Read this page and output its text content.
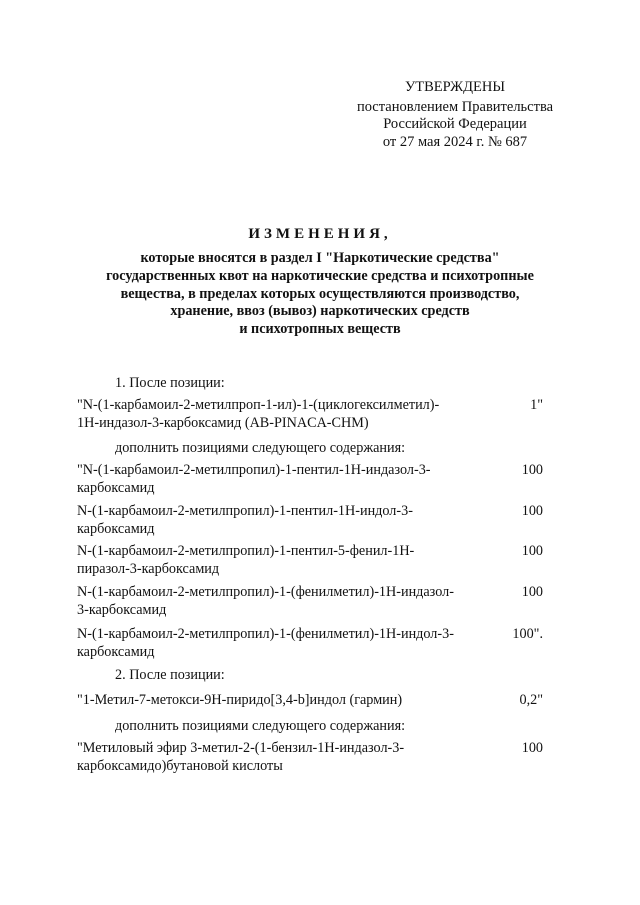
УТВЕРЖДЕНЫ
постановлением Правительства
Российской Федерации
от 27 мая 2024 г. № 687
ИЗМЕНЕНИЯ,
которые вносятся в раздел I "Наркотические средства"
государственных квот на наркотические средства и психотропные
вещества, в пределах которых осуществляются производство,
хранение, ввоз (вывоз) наркотических средств
и психотропных веществ
1. После позиции:
"N-(1-карбамоил-2-метилпроп-1-ил)-1-(циклогексилметил)-
1Н-индазол-3-карбоксамид (AB-PINACA-CHM)
1"
дополнить позициями следующего содержания:
"N-(1-карбамоил-2-метилпропил)-1-пентил-1Н-индазол-3-
карбоксамид
100
N-(1-карбамоил-2-метилпропил)-1-пентил-1Н-индол-3-
карбоксамид
100
N-(1-карбамоил-2-метилпропил)-1-пентил-5-фенил-1Н-
пиразол-3-карбоксамид
100
N-(1-карбамоил-2-метилпропил)-1-(фенилметил)-1Н-индазол-
3-карбоксамид
100
N-(1-карбамоил-2-метилпропил)-1-(фенилметил)-1Н-индол-3-
карбоксамид
100".
2. После позиции:
"1-Метил-7-метокси-9Н-пиридо[3,4-b]индол (гармин)	0,2"
дополнить позициями следующего содержания:
"Метиловый эфир 3-метил-2-(1-бензил-1Н-индазол-3-
карбоксамидо)бутановой кислоты
100
